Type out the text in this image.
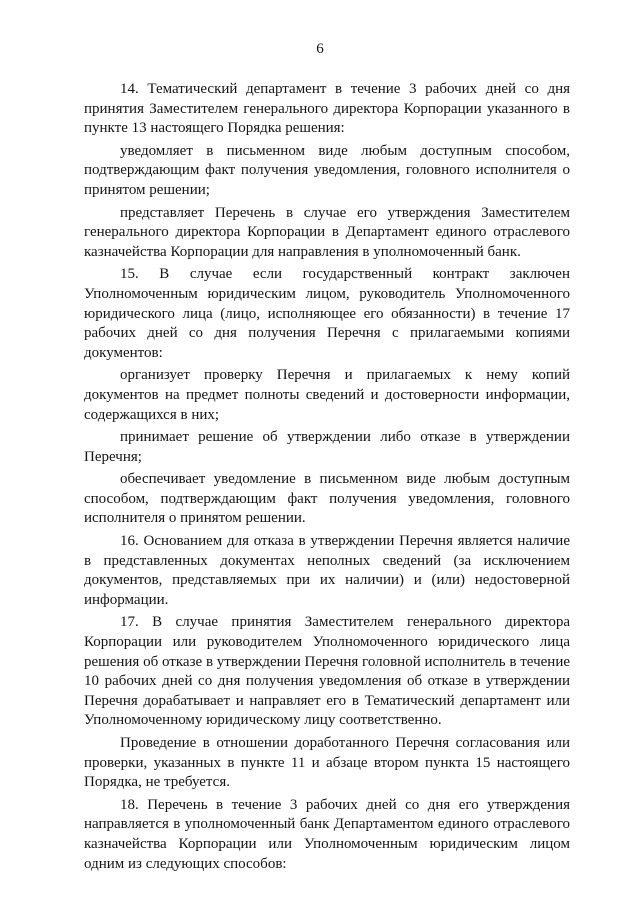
6

14. Тематический департамент в течение 3 рабочих дней со дня принятия Заместителем генерального директора Корпорации указанного в пункте 13 настоящего Порядка решения:

уведомляет в письменном виде любым доступным способом, подтверждающим факт получения уведомления, головного исполнителя о принятом решении;

представляет Перечень в случае его утверждения Заместителем генерального директора Корпорации в Департамент единого отраслевого казначейства Корпорации для направления в уполномоченный банк.

15. В случае если государственный контракт заключен Уполномоченным юридическим лицом, руководитель Уполномоченного юридического лица (лицо, исполняющее его обязанности) в течение 17 рабочих дней со дня получения Перечня с прилагаемыми копиями документов:

организует проверку Перечня и прилагаемых к нему копий документов на предмет полноты сведений и достоверности информации, содержащихся в них;

принимает решение об утверждении либо отказе в утверждении Перечня;

обеспечивает уведомление в письменном виде любым доступным способом, подтверждающим факт получения уведомления, головного исполнителя о принятом решении.

16. Основанием для отказа в утверждении Перечня является наличие в представленных документах неполных сведений (за исключением документов, представляемых при их наличии) и (или) недостоверной информации.

17. В случае принятия Заместителем генерального директора Корпорации или руководителем Уполномоченного юридического лица решения об отказе в утверждении Перечня головной исполнитель в течение 10 рабочих дней со дня получения уведомления об отказе в утверждении Перечня дорабатывает и направляет его в Тематический департамент или Уполномоченному юридическому лицу соответственно.

Проведение в отношении доработанного Перечня согласования или проверки, указанных в пункте 11 и абзаце втором пункта 15 настоящего Порядка, не требуется.

18. Перечень в течение 3 рабочих дней со дня его утверждения направляется в уполномоченный банк Департаментом единого отраслевого казначейства Корпорации или Уполномоченным юридическим лицом одним из следующих способов:
